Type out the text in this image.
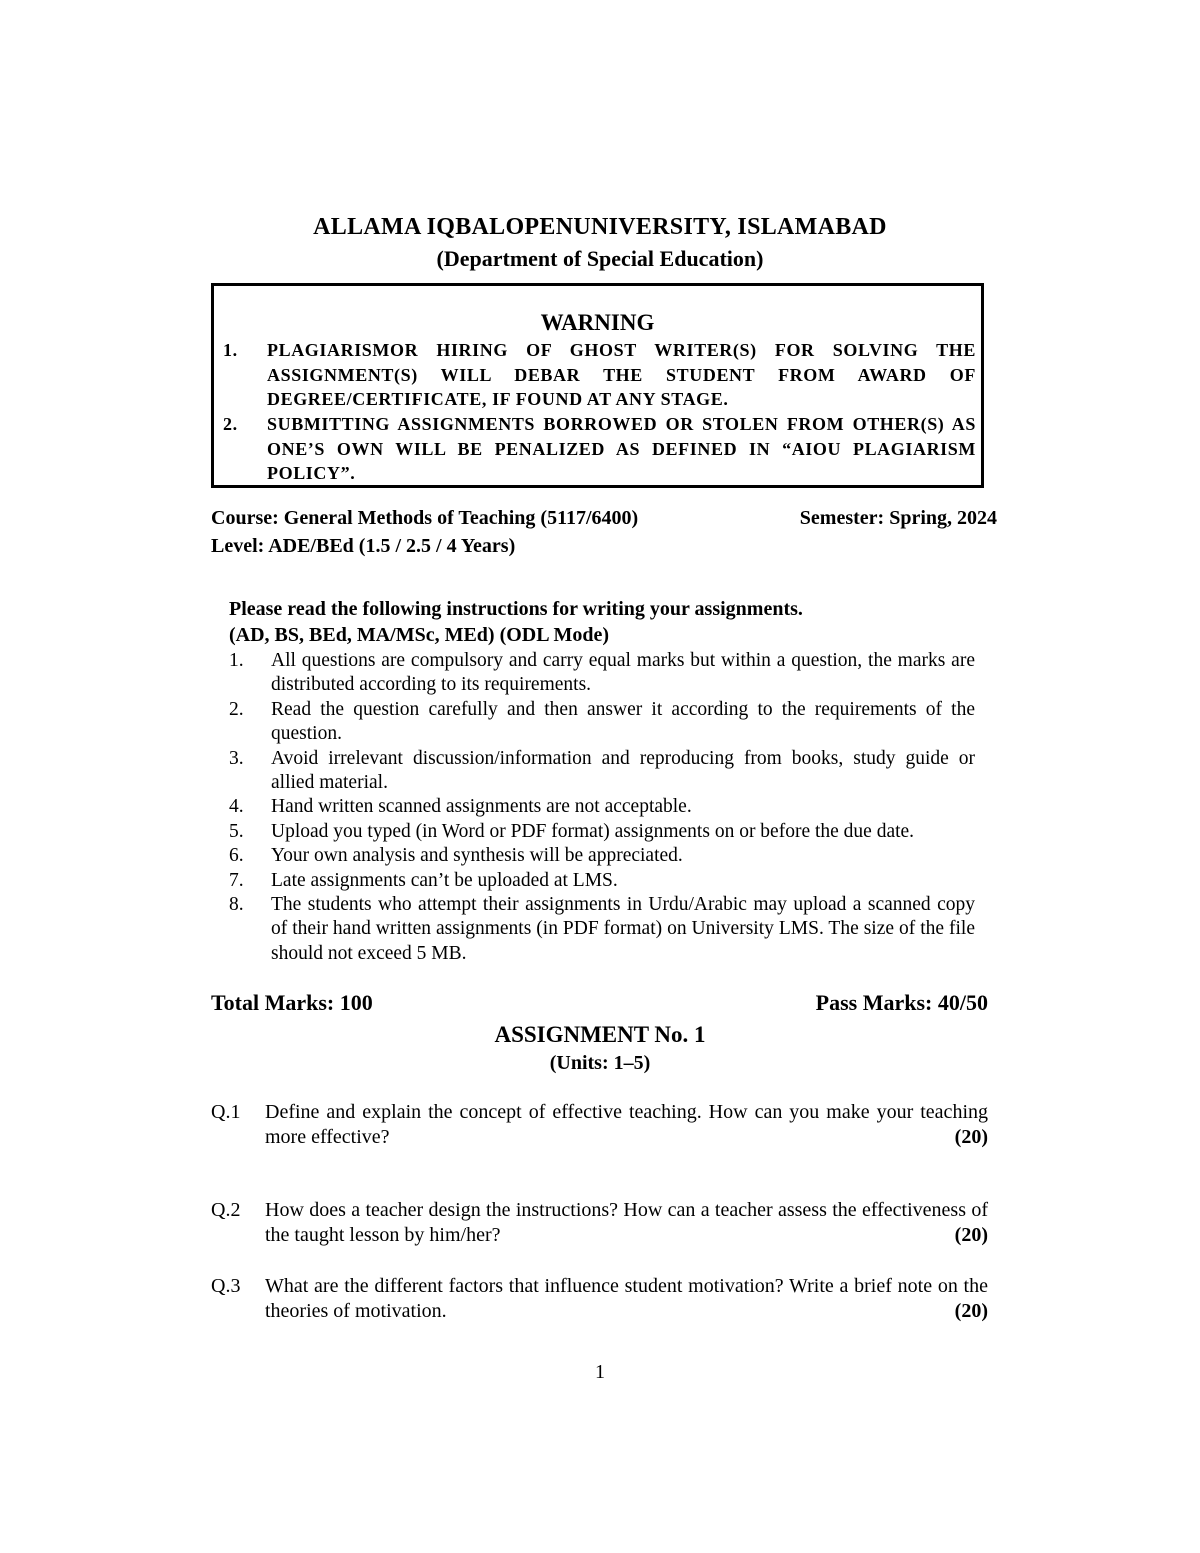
ALLAMA IQBALOPENUNIVERSITY, ISLAMABAD
(Department of Special Education)
WARNING
1. PLAGIARISMOR HIRING OF GHOST WRITER(S) FOR SOLVING THE ASSIGNMENT(S) WILL DEBAR THE STUDENT FROM AWARD OF DEGREE/CERTIFICATE, IF FOUND AT ANY STAGE.
2. SUBMITTING ASSIGNMENTS BORROWED OR STOLEN FROM OTHER(S) AS ONE’S OWN WILL BE PENALIZED AS DEFINED IN “AIOU PLAGIARISM POLICY”.
Course: General Methods of Teaching (5117/6400)	Semester: Spring, 2024
Level: ADE/BEd (1.5 / 2.5 / 4 Years)
Please read the following instructions for writing your assignments.
(AD, BS, BEd, MA/MSc, MEd) (ODL Mode)
1. All questions are compulsory and carry equal marks but within a question, the marks are distributed according to its requirements.
2. Read the question carefully and then answer it according to the requirements of the question.
3. Avoid irrelevant discussion/information and reproducing from books, study guide or allied material.
4. Hand written scanned assignments are not acceptable.
5. Upload you typed (in Word or PDF format) assignments on or before the due date.
6. Your own analysis and synthesis will be appreciated.
7. Late assignments can’t be uploaded at LMS.
8. The students who attempt their assignments in Urdu/Arabic may upload a scanned copy of their hand written assignments (in PDF format) on University LMS. The size of the file should not exceed 5 MB.
Total Marks: 100	Pass Marks: 40/50
ASSIGNMENT No. 1
(Units: 1–5)
Q.1 Define and explain the concept of effective teaching. How can you make your teaching more effective?	(20)
Q.2 How does a teacher design the instructions? How can a teacher assess the effectiveness of the taught lesson by him/her?	(20)
Q.3 What are the different factors that influence student motivation? Write a brief note on the theories of motivation.	(20)
1
